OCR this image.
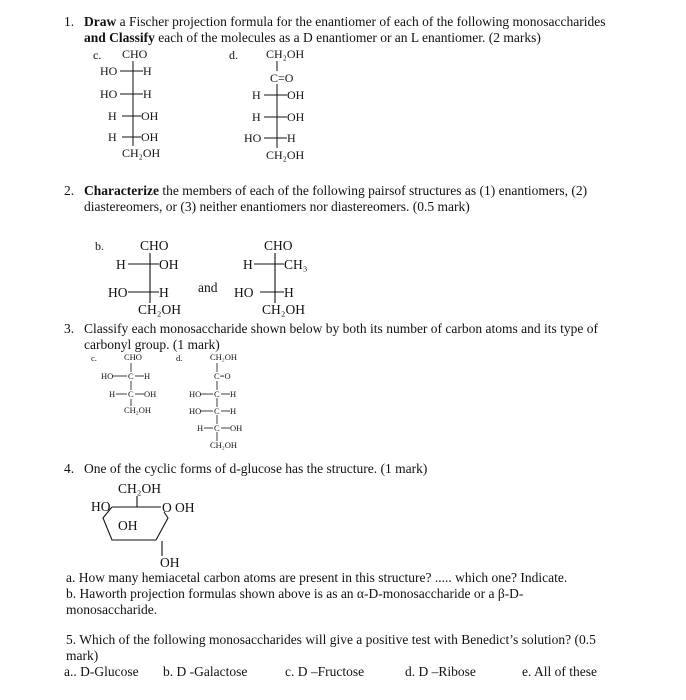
1. Draw a Fischer projection formula for the enantiomer of each of the following monosaccharides
and Classify each of the molecules as a D enantiomer or an L enantiomer. (2 marks)
c. CHO
HO H
HO H
H OH
H OH
CH₂OH
d. CH₂OH
C=O
H OH
H OH
HO H
CH₂OH
2. Characterize the members of each of the following pairsof structures as (1) enantiomers, (2)
diastereomers, or (3) neither enantiomers nor diastereomers. (0.5 mark)
b.	CHO
H OH
HO H
CH₂OH
and
CHO
H CH₃
HO H
CH₂OH
3. Classify each monosaccharide shown below by both its number of carbon atoms and its type of
carbonyl group. (1 mark)
c.	CHO
HO C H
H C OH
CH₂OH
d.	CH₂OH
C=O
HO C H
HO C H
H C OH
CH₂OH
4. One of the cyclic forms of d-glucose has the structure. (1 mark)
CH₂OH
HO	O OH
OH
OH
a. How many hemiacetal carbon atoms are present in this structure? ..... which one? Indicate.
b. Haworth projection formulas shown above is as an α-D-monosaccharide or a β-D-
monosaccharide.
5. Which of the following monosaccharides will give a positive test with Benedict’s solution? (0.5
mark)
a.. D-Glucose b. D -Galactose	c. D –Fructose	d. D –Ribose	e. All of these
